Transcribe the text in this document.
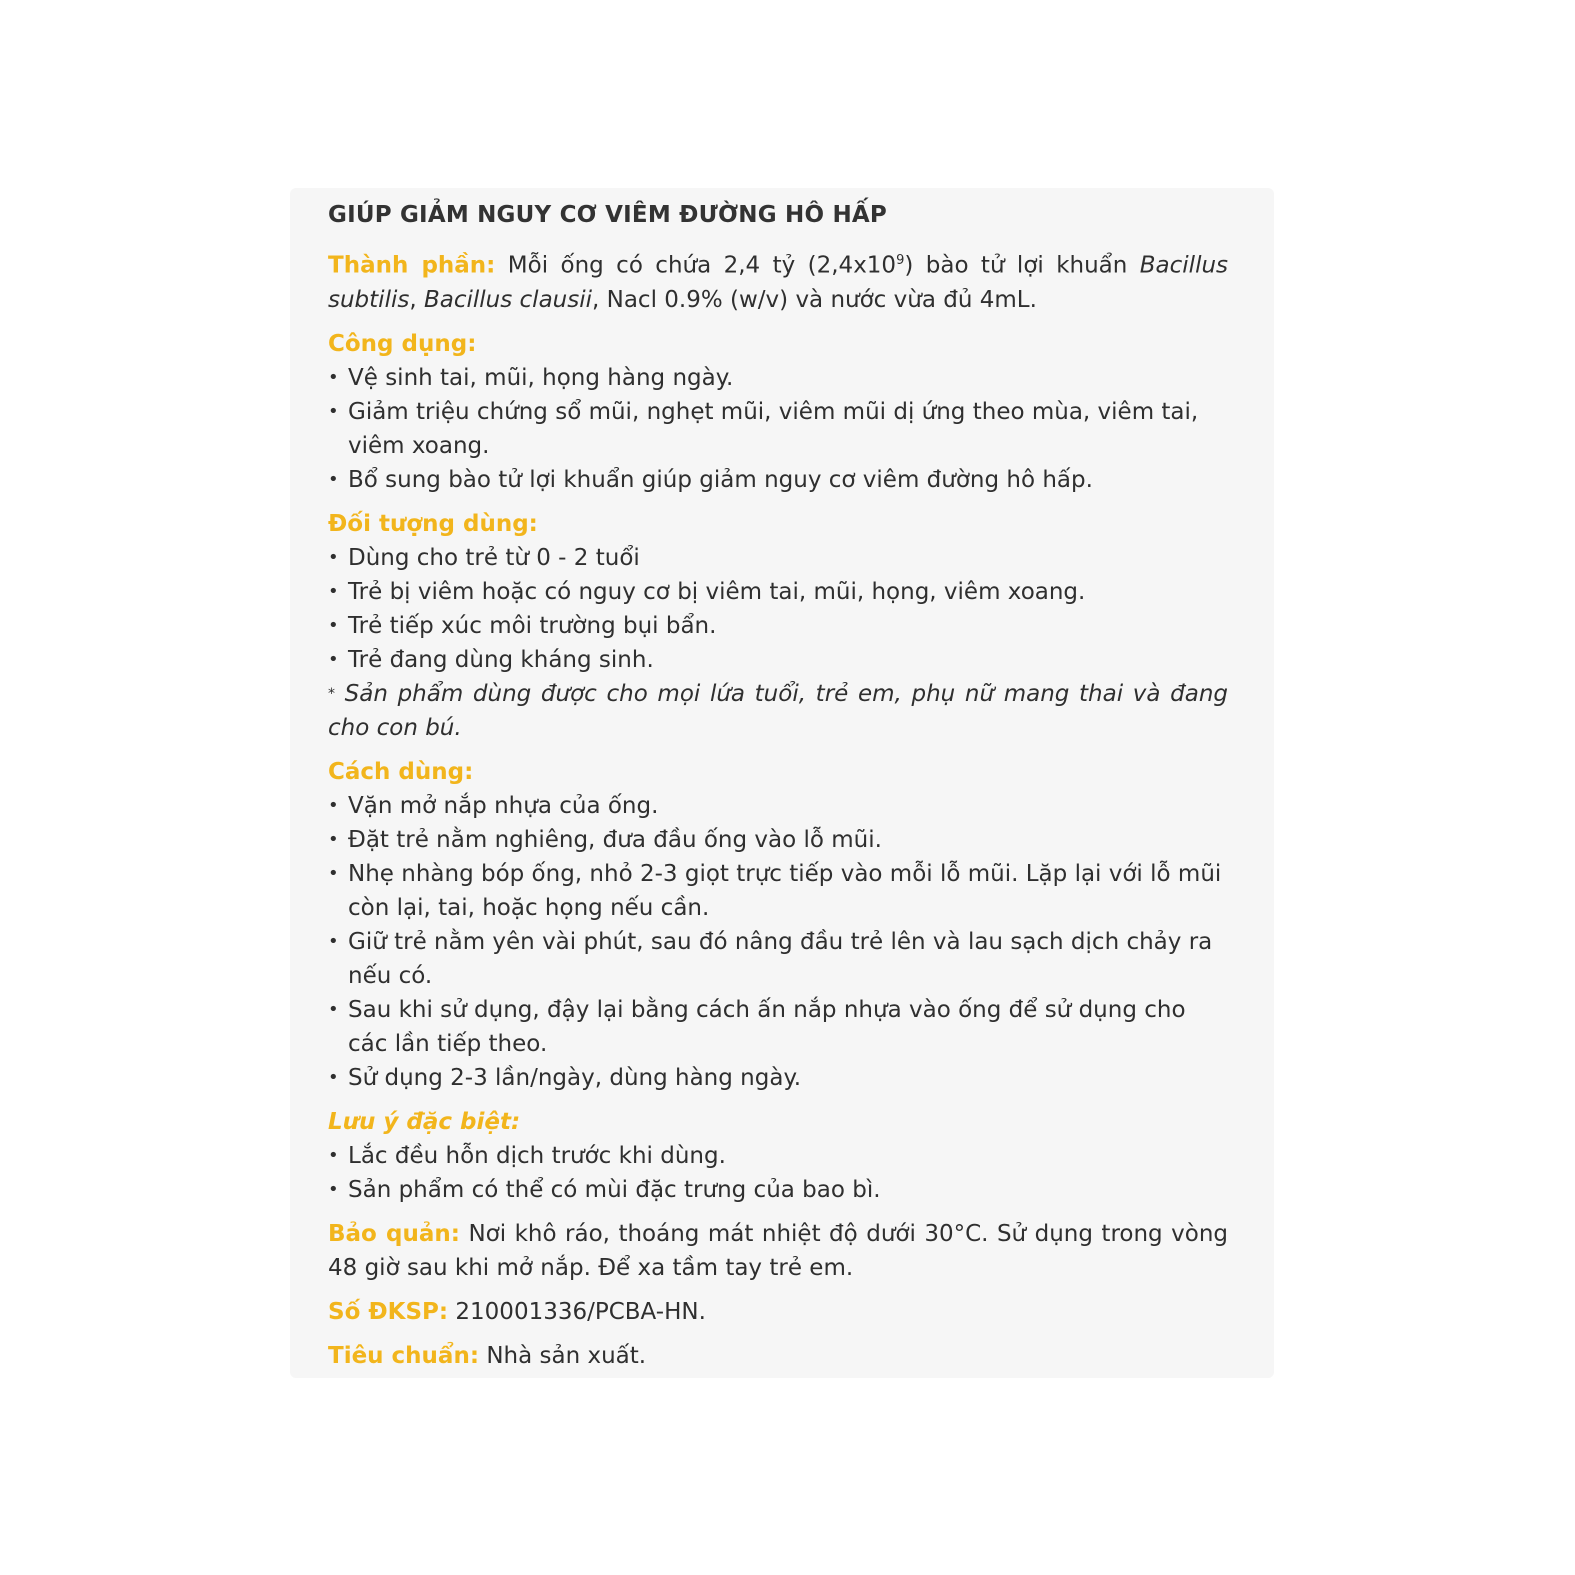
GIÚP GIẢM NGUY CƠ VIÊM ĐƯỜNG HÔ HẤP

Thành phần: Mỗi ống có chứa 2,4 tỷ $(2,4x10^9)$ bào tử lợi khuẩn Bacillus subtilis, Bacillus clausii, Nacl 0.9% (w/v) và nước vừa đủ 4mL.

Công dụng:

• Vệ sinh tai, mũi, họng hàng ngày.
• Giảm triệu chứng sổ mũi, nghẹt mũi, viêm mũi dị ứng theo mùa, viêm tai, viêm xoang.
• Bổ sung bào tử lợi khuẩn giúp giảm nguy cơ viêm đường hô hấp.

Đối tượng dùng:

• Dùng cho trẻ từ 0 - 2 tuổi
• Trẻ bị viêm hoặc có nguy cơ bị viêm tai, mũi, họng, viêm xoang.
• Trẻ tiếp xúc môi trường bụi bẩn.
• Trẻ đang dùng kháng sinh.

* Sản phẩm dùng được cho mọi lứa tuổi, trẻ em, phụ nữ mang thai và đang cho con bú.

Cách dùng:

• Vặn mở nắp nhựa của ống.
• Đặt trẻ nằm nghiêng, đưa đầu ống vào lỗ mũi.
• Nhẹ nhàng bóp ống, nhỏ 2-3 giọt trực tiếp vào mỗi lỗ mũi. Lặp lại với lỗ mũi còn lại, tai, hoặc họng nếu cần.
• Giữ trẻ nằm yên vài phút, sau đó nâng đầu trẻ lên và lau sạch dịch chảy ra nếu có.
• Sau khi sử dụng, đậy lại bằng cách ấn nắp nhựa vào ống để sử dụng cho các lần tiếp theo.
• Sử dụng 2-3 lần/ngày, dùng hàng ngày.

Lưu ý đặc biệt:

• Lắc đều hỗn dịch trước khi dùng.
• Sản phẩm có thể có mùi đặc trưng của bao bì.

Bảo quản: Nơi khô ráo, thoáng mát nhiệt độ dưới 30°C. Sử dụng trong vòng 48 giờ sau khi mở nắp. Để xa tầm tay trẻ em.

Số ĐKSP: 210001336/PCBA-HN.

Tiêu chuẩn: Nhà sản xuất.
